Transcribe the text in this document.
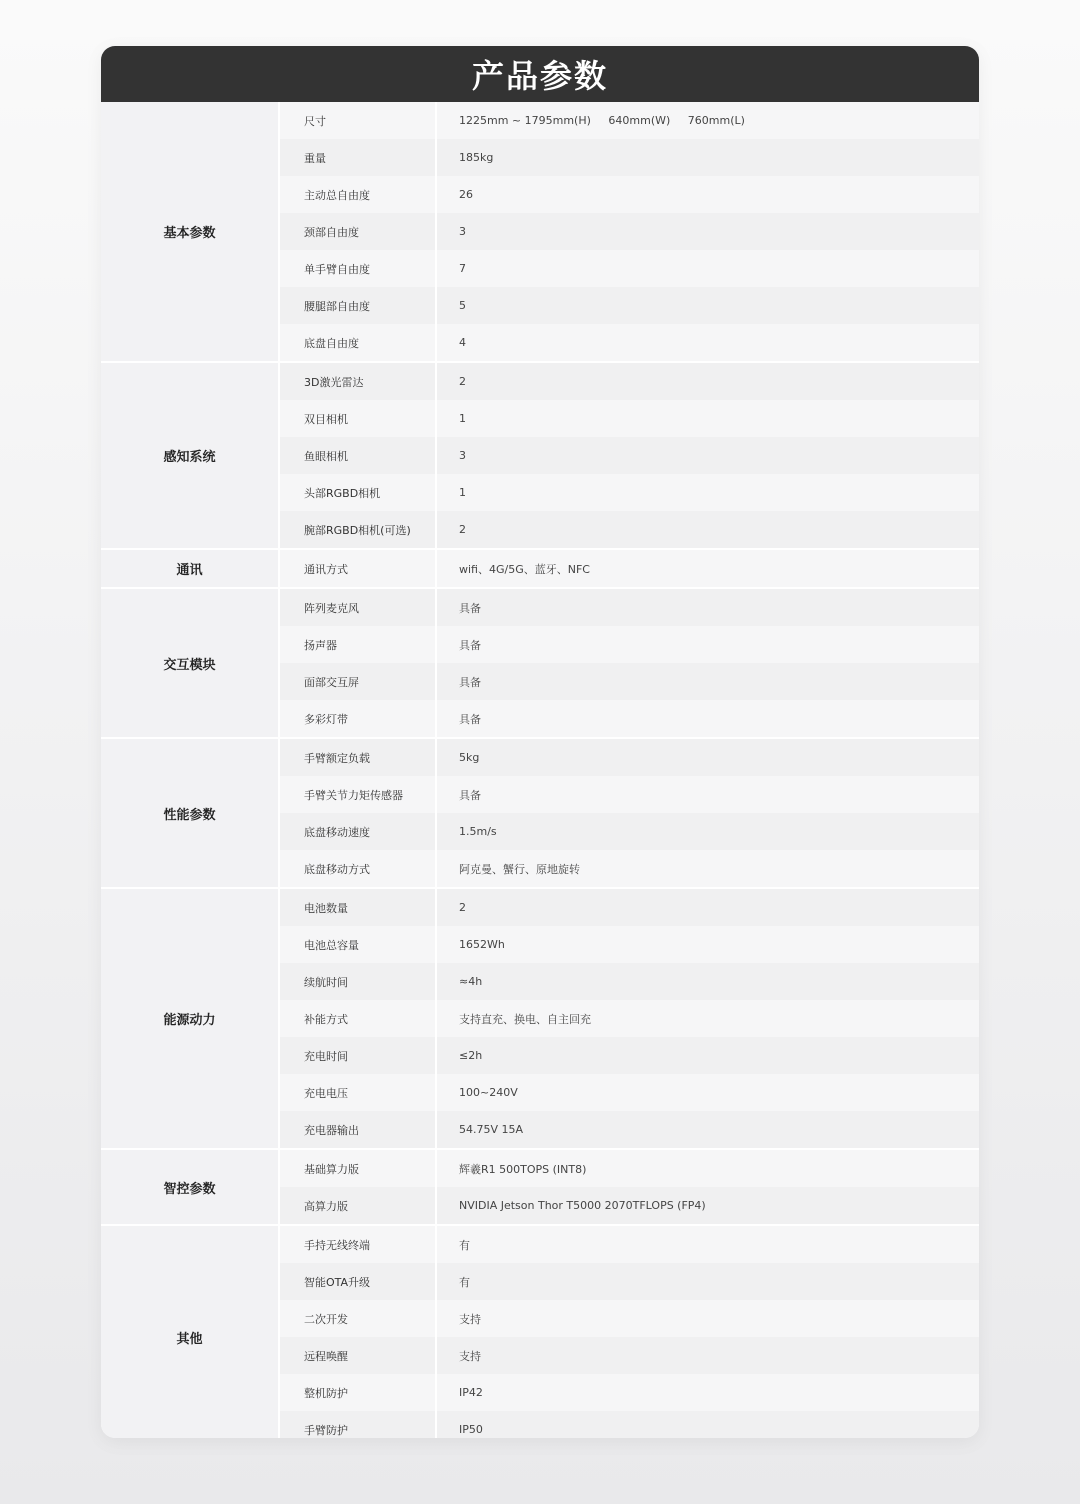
产品参数
基本参数
尺寸	1225mm ~ 1795mm(H)     640mm(W)     760mm(L)
重量	185kg
主动总自由度	26
颈部自由度	3
单手臂自由度	7
腰腿部自由度	5
底盘自由度	4
感知系统
3D激光雷达	2
双目相机	1
鱼眼相机	3
头部RGBD相机	1
腕部RGBD相机(可选)	2
通讯	通讯方式	wifi、4G/5G、蓝牙、NFC
交互模块
阵列麦克风	具备
扬声器	具备
面部交互屏	具备
多彩灯带	具备
性能参数
手臂额定负载	5kg
手臂关节力矩传感器	具备
底盘移动速度	1.5m/s
底盘移动方式	阿克曼、蟹行、原地旋转
能源动力
电池数量	2
电池总容量	1652Wh
续航时间	≈4h
补能方式	支持直充、换电、自主回充
充电时间	≤2h
充电电压	100~240V
充电器输出	54.75V 15A
智控参数
基础算力版	辉羲R1 500TOPS (INT8)
高算力版	NVIDIA Jetson Thor T5000 2070TFLOPS (FP4)
其他
手持无线终端	有
智能OTA升级	有
二次开发	支持
远程唤醒	支持
整机防护	IP42
手臂防护	IP50
